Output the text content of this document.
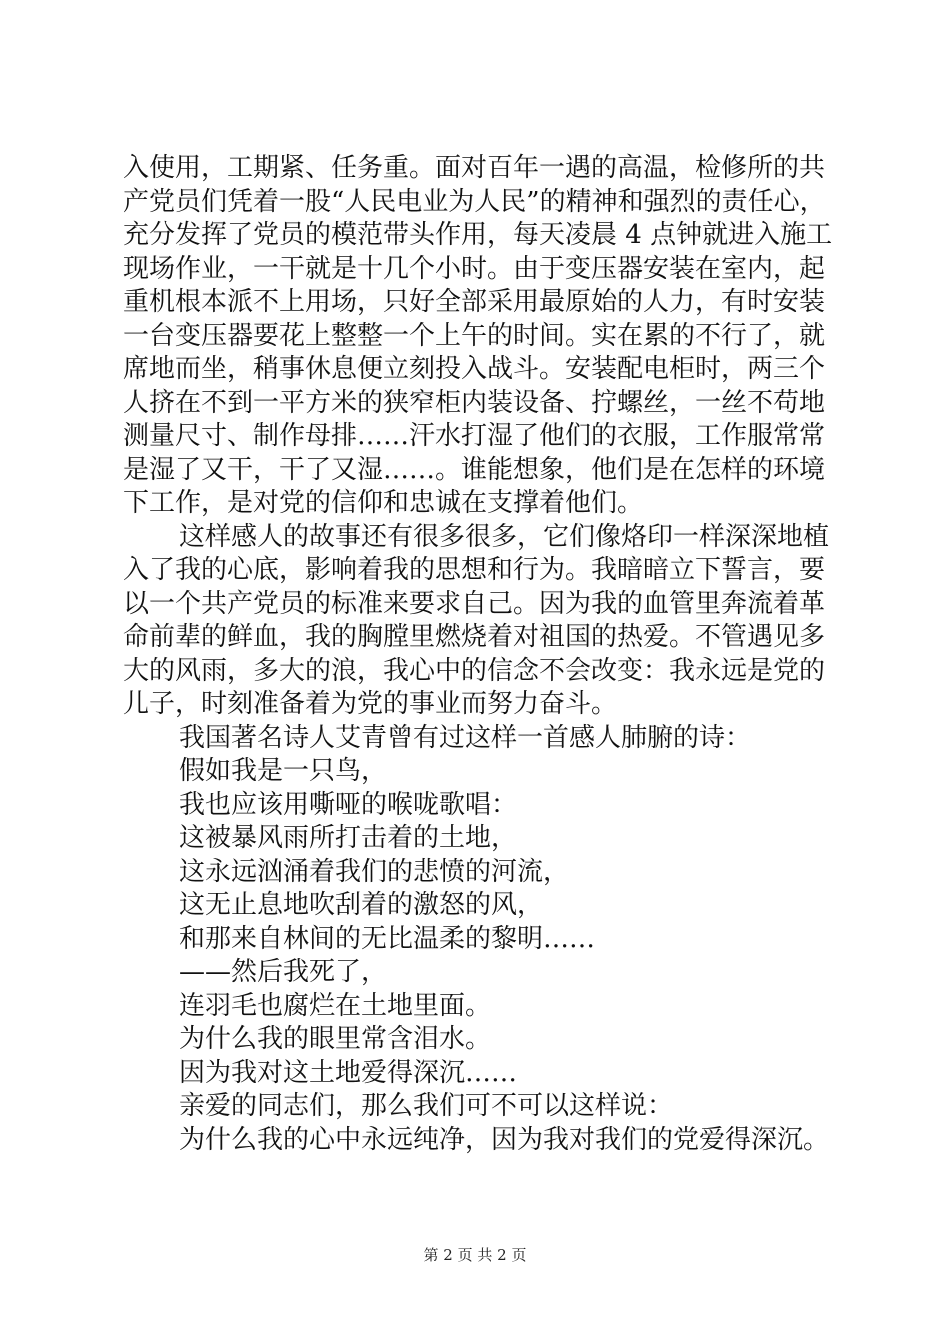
入使用，工期紧、任务重。面对百年一遇的高温，检修所的共
产党员们凭着一股“人民电业为人民”的精神和强烈的责任心，
充分发挥了党员的模范带头作用，每天凌晨 4 点钟就进入施工
现场作业，一干就是十几个小时。由于变压器安装在室内，起
重机根本派不上用场，只好全部采用最原始的人力，有时安装
一台变压器要花上整整一个上午的时间。实在累的不行了，就
席地而坐，稍事休息便立刻投入战斗。安装配电柜时，两三个
人挤在不到一平方米的狭窄柜内装设备、拧螺丝，一丝不苟地
测量尺寸、制作母排……汗水打湿了他们的衣服，工作服常常
是湿了又干，干了又湿……。谁能想象，他们是在怎样的环境
下工作，是对党的信仰和忠诚在支撑着他们。
这样感人的故事还有很多很多，它们像烙印一样深深地植
入了我的心底，影响着我的思想和行为。我暗暗立下誓言，要
以一个共产党员的标准来要求自己。因为我的血管里奔流着革
命前辈的鲜血，我的胸膛里燃烧着对祖国的热爱。不管遇见多
大的风雨，多大的浪，我心中的信念不会改变：我永远是党的
儿子，时刻准备着为党的事业而努力奋斗。
我国著名诗人艾青曾有过这样一首感人肺腑的诗：
假如我是一只鸟，
我也应该用嘶哑的喉咙歌唱：
这被暴风雨所打击着的土地，
这永远汹涌着我们的悲愤的河流，
这无止息地吹刮着的激怒的风，
和那来自林间的无比温柔的黎明……
——然后我死了，
连羽毛也腐烂在土地里面。
为什么我的眼里常含泪水。
因为我对这土地爱得深沉……
亲爱的同志们，那么我们可不可以这样说：
为什么我的心中永远纯净，因为我对我们的党爱得深沉。
第 2 页 共 2 页
